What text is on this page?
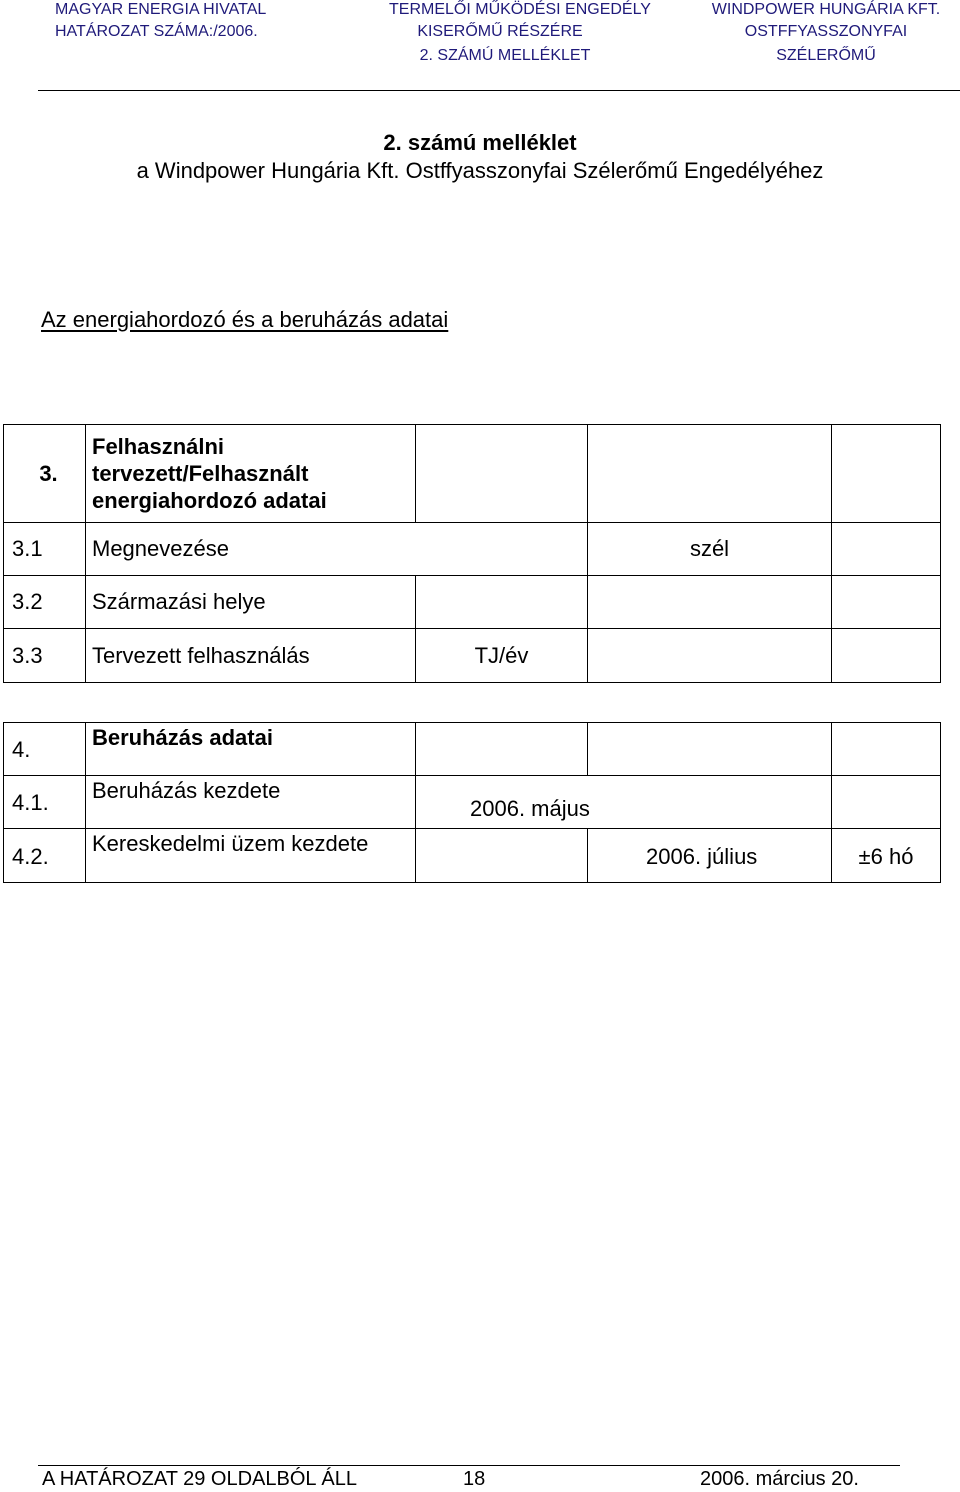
MAGYAR ENERGIA HIVATAL
HATÁROZAT SZÁMA:/2006.
TERMELŐI MŰKÖDÉSI ENGEDÉLY
KISERŐMŰ RÉSZÉRE
2. SZÁMÚ MELLÉKLET
WINDPOWER HUNGÁRIA KFT.
OSTFFYASSZONYFAI
SZÉLERŐMŰ
2. számú melléklet
a Windpower Hungária Kft. Ostffyasszonyfai Szélerőmű Engedélyéhez
Az energiahordozó és a beruházás adatai
3.	Felhasználni
tervezett/Felhasznált
energiahordozó adatai			

3.1	Megnevezése		szél	
3.2	Származási helye			
3.3	Tervezett felhasználás	TJ/év		
4.	Beruházás adatai			
4.1.	Beruházás kezdete	2006. május		
4.2.	Kereskedelmi üzem kezdete		2006. július	±6 hó
A HATÁROZAT 29 OLDALBÓL ÁLL	18	2006. március 20.
